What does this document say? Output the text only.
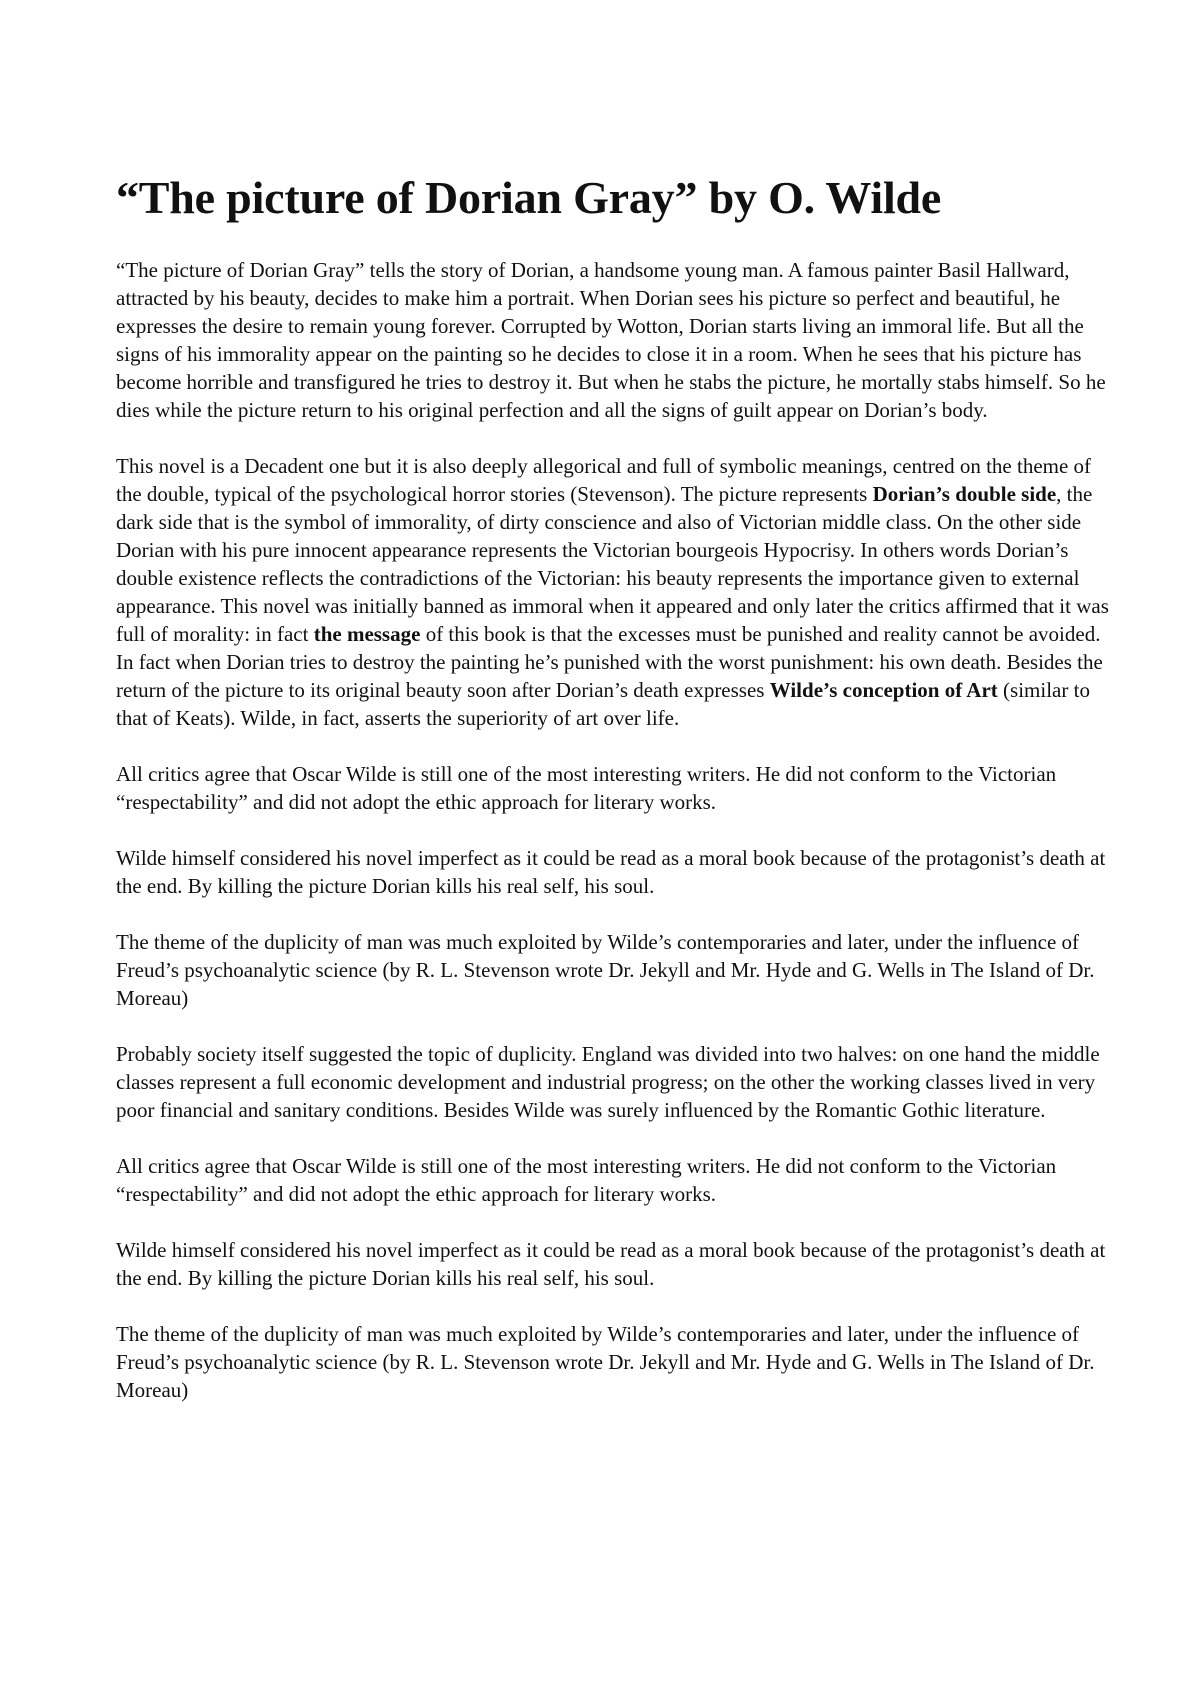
“The picture of Dorian Gray” by O. Wilde

“The picture of Dorian Gray” tells the story of Dorian, a handsome young man. A famous painter Basil Hallward, attracted by his beauty, decides to make him a portrait. When Dorian sees his picture so perfect and beautiful, he expresses the desire to remain young forever. Corrupted by Wotton, Dorian starts living an immoral life. But all the signs of his immorality appear on the painting so he decides to close it in a room. When he sees that his picture has become horrible and transfigured he tries to destroy it. But when he stabs the picture, he mortally stabs himself. So he dies while the picture return to his original perfection and all the signs of guilt appear on Dorian’s body.

This novel is a Decadent one but it is also deeply allegorical and full of symbolic meanings, centred on the theme of the double, typical of the psychological horror stories (Stevenson). The picture represents Dorian’s double side, the dark side that is the symbol of immorality, of dirty conscience and also of Victorian middle class. On the other side Dorian with his pure innocent appearance represents the Victorian bourgeois Hypocrisy. In others words Dorian’s double existence reflects the contradictions of the Victorian: his beauty represents the importance given to external appearance. This novel was initially banned as immoral when it appeared and only later the critics affirmed that it was full of morality: in fact the message of this book is that the excesses must be punished and reality cannot be avoided. In fact when Dorian tries to destroy the painting he’s punished with the worst punishment: his own death. Besides the return of the picture to its original beauty soon after Dorian’s death expresses Wilde’s conception of Art (similar to that of Keats). Wilde, in fact, asserts the superiority of art over life.

All critics agree that Oscar Wilde is still one of the most interesting writers. He did not conform to the Victorian “respectability” and did not adopt the ethic approach for literary works.

Wilde himself considered his novel imperfect as it could be read as a moral book because of the protagonist’s death at the end. By killing the picture Dorian kills his real self, his soul.

The theme of the duplicity of man was much exploited by Wilde’s contemporaries and later, under the influence of Freud’s psychoanalytic science (by R. L. Stevenson wrote Dr. Jekyll and Mr. Hyde and G. Wells in The Island of Dr. Moreau)

Probably society itself suggested the topic of duplicity. England was divided into two halves: on one hand the middle classes represent a full economic development and industrial progress; on the other the working classes lived in very poor financial and sanitary conditions. Besides Wilde was surely influenced by the Romantic Gothic literature.

All critics agree that Oscar Wilde is still one of the most interesting writers. He did not conform to the Victorian “respectability” and did not adopt the ethic approach for literary works.

Wilde himself considered his novel imperfect as it could be read as a moral book because of the protagonist’s death at the end. By killing the picture Dorian kills his real self, his soul.

The theme of the duplicity of man was much exploited by Wilde’s contemporaries and later, under the influence of Freud’s psychoanalytic science (by R. L. Stevenson wrote Dr. Jekyll and Mr. Hyde and G. Wells in The Island of Dr. Moreau)
